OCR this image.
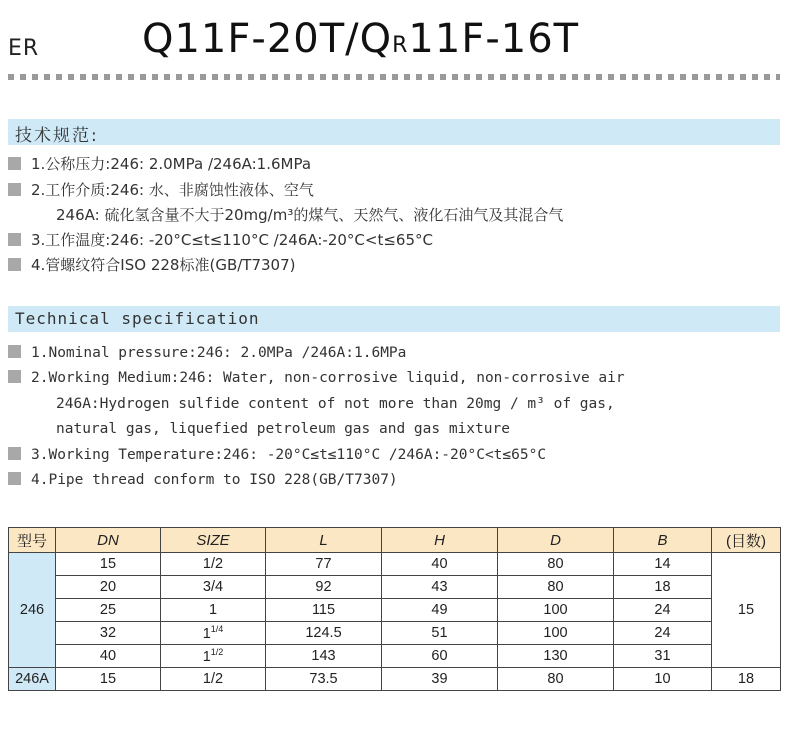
ER	Q11F-20T/QR11F-16T
技术规范:
1.公称压力:246: 2.0MPa /246A:1.6MPa
2.工作介质:246: 水、非腐蚀性液体、空气
246A: 硫化氢含量不大于20mg/m³的煤气、天然气、液化石油气及其混合气
3.工作温度:246: -20°C≤t≤110°C /246A:-20°C<t≤65°C
4.管螺纹符合ISO 228标准(GB/T7307)
Technical specification
1.Nominal pressure:246: 2.0MPa /246A:1.6MPa
2.Working Medium:246: Water, non-corrosive liquid, non-corrosive air
246A:Hydrogen sulfide content of not more than 20mg / m³ of gas,
natural gas, liquefied petroleum gas and gas mixture
3.Working Temperature:246: -20°C≤t≤110°C /246A:-20°C<t≤65°C
4.Pipe thread conform to ISO 228(GB/T7307)
型号	DN	SIZE	L	H	D	B	(目数)
246	15	1/2	77	40	80	14	15
	20	3/4	92	43	80	18	
	25	1	115	49	100	24	
	32	$1^{1/4}$	124.5	51	100	24	
	40	$1^{1/2}$	143	60	130	31	
246A	15	1/2	73.5	39	80	10	18
